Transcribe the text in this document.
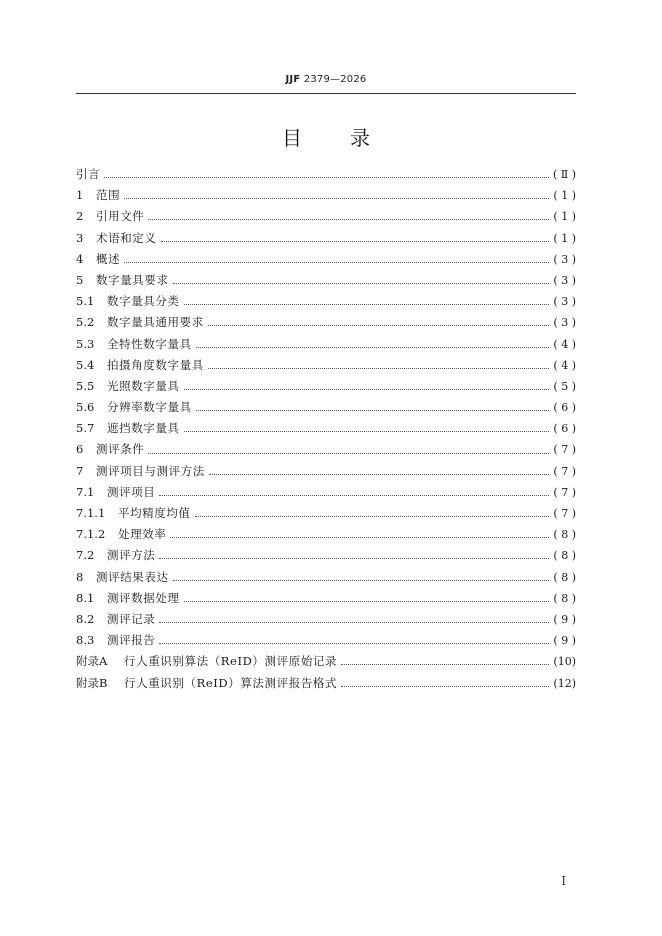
JJF 2379—2026
目录
引言	( Ⅱ )
1	范围	( 1 )
2	引用文件	( 1 )
3	术语和定义	( 1 )
4	概述	( 3 )
5	数字量具要求	( 3 )
5.1	数字量具分类	( 3 )
5.2	数字量具通用要求	( 3 )
5.3	全特性数字量具	( 4 )
5.4	拍摄角度数字量具	( 4 )
5.5	光照数字量具	( 5 )
5.6	分辨率数字量具	( 6 )
5.7	遮挡数字量具	( 6 )
6	测评条件	( 7 )
7	测评项目与测评方法	( 7 )
7.1	测评项目	( 7 )
7.1.1	平均精度均值	( 7 )
7.1.2	处理效率	( 8 )
7.2	测评方法	( 8 )
8	测评结果表达	( 8 )
8.1	测评数据处理	( 8 )
8.2	测评记录	( 9 )
8.3	测评报告	( 9 )
附录A	行人重识别算法（ReID）测评原始记录	(10)
附录B	行人重识别（ReID）算法测评报告格式	(12)
I
